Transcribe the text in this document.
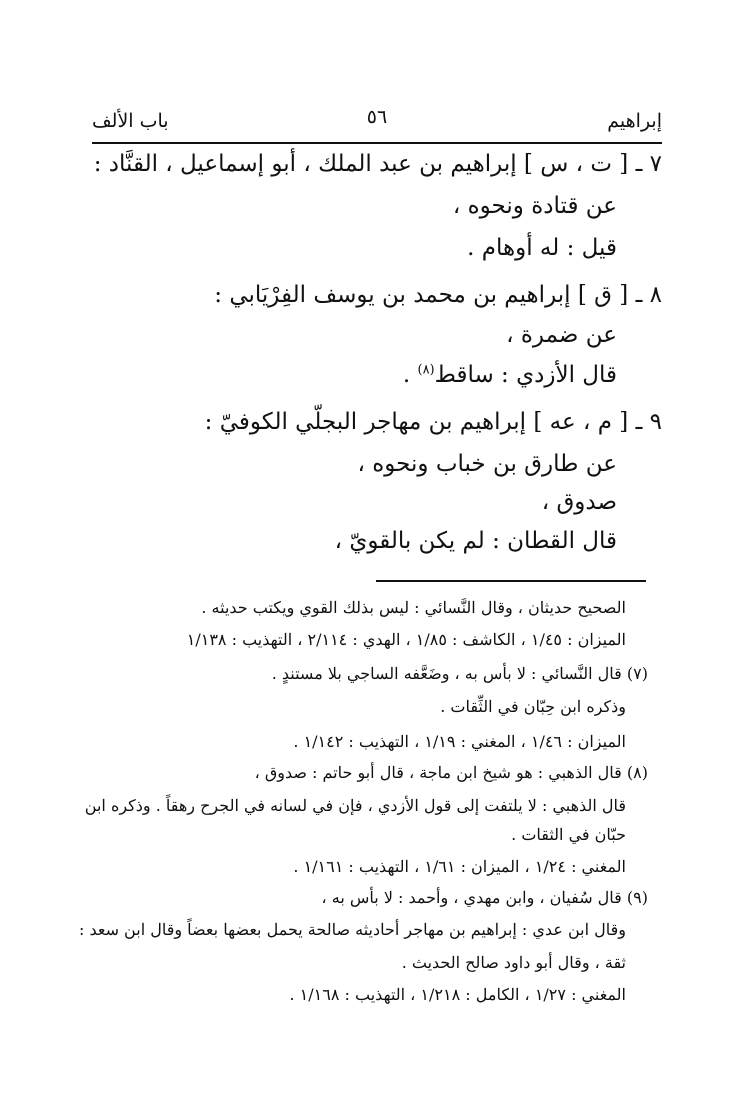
إبراهيم
٥٦
باب الألف
٧ ـ [ ت ، س ] إبراهيم بن عبد الملك ، أبو إسماعيل ، القنَّاد :
عن قتادة ونحوه ،
قيل : له أوهام .
٨ ـ [ ق ] إبراهيم بن محمد بن يوسف الفِرْيَابي :
عن ضمرة ،
قال الأزدي : ساقط$^{(٨)}$ .
٩ ـ [ م ، عه ] إبراهيم بن مهاجر البجلّي الكوفيّ :
عن طارق بن خباب ونحوه ،
صدوق ،
قال القطان : لم يكن بالقويّ ،
الصحيح حديثان ، وقال النَّسائي : ليس بذلك القوي ويكتب حديثه .
الميزان : ١/٤٥ ، الكاشف : ١/٨٥ ، الهدي : ٢/١١٤ ، التهذيب : ١/١٣٨
(٧) قال النَّسائي : لا بأس به ، وضَعَّفه الساجي بلا مستندٍ .
وذكره ابن حِبّان في الثِّقات .
الميزان : ١/٤٦ ، المغني : ١/١٩ ، التهذيب : ١/١٤٢ .
(٨) قال الذهبي : هو شيخ ابن ماجة ، قال أبو حاتم : صدوق ،
قال الذهبي : لا يلتفت إلى قول الأزدي ، فإن في لسانه في الجرح رهقاً . وذكره ابن
حبّان في الثقات .
المغني : ١/٢٤ ، الميزان : ١/٦١ ، التهذيب : ١/١٦١ .
(٩) قال سُفيان ، وابن مهدي ، وأحمد : لا بأس به ،
وقال ابن عدي : إبراهيم بن مهاجر أحاديثه صالحة يحمل بعضها بعضاً وقال ابن سعد :
ثقة ، وقال أبو داود صالح الحديث .
المغني : ١/٢٧ ، الكامل : ١/٢١٨ ، التهذيب : ١/١٦٨ .
